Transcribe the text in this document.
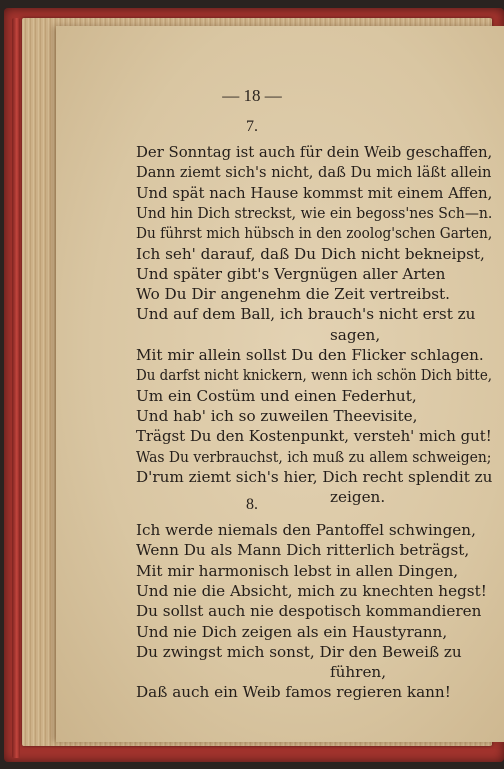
— 18 —
7.
Der Sonntag ist auch für dein Weib geschaffen,
Dann ziemt sich's nicht, daß Du mich läßt allein
Und spät nach Hause kommst mit einem Affen,
Und hin Dich streckst, wie ein begoss'nes Sch—n.
Du führst mich hübsch in den zoolog'schen Garten,
Ich seh' darauf, daß Du Dich nicht bekneipst,
Und später gibt's Vergnügen aller Arten
Wo Du Dir angenehm die Zeit vertreibst.
Und auf dem Ball, ich brauch's nicht erst zu
sagen,
Mit mir allein sollst Du den Flicker schlagen.
Du darfst nicht knickern, wenn ich schön Dich bitte,
Um ein Costüm und einen Federhut,
Und hab' ich so zuweilen Theevisite,
Trägst Du den Kostenpunkt, versteh' mich gut!
Was Du verbrauchst, ich muß zu allem schweigen;
D'rum ziemt sich's hier, Dich recht splendit zu
zeigen.
8.
Ich werde niemals den Pantoffel schwingen,
Wenn Du als Mann Dich ritterlich beträgst,
Mit mir harmonisch lebst in allen Dingen,
Und nie die Absicht, mich zu knechten hegst!
Du sollst auch nie despotisch kommandieren
Und nie Dich zeigen als ein Haustyrann,
Du zwingst mich sonst, Dir den Beweiß zu
führen,
Daß auch ein Weib famos regieren kann!
